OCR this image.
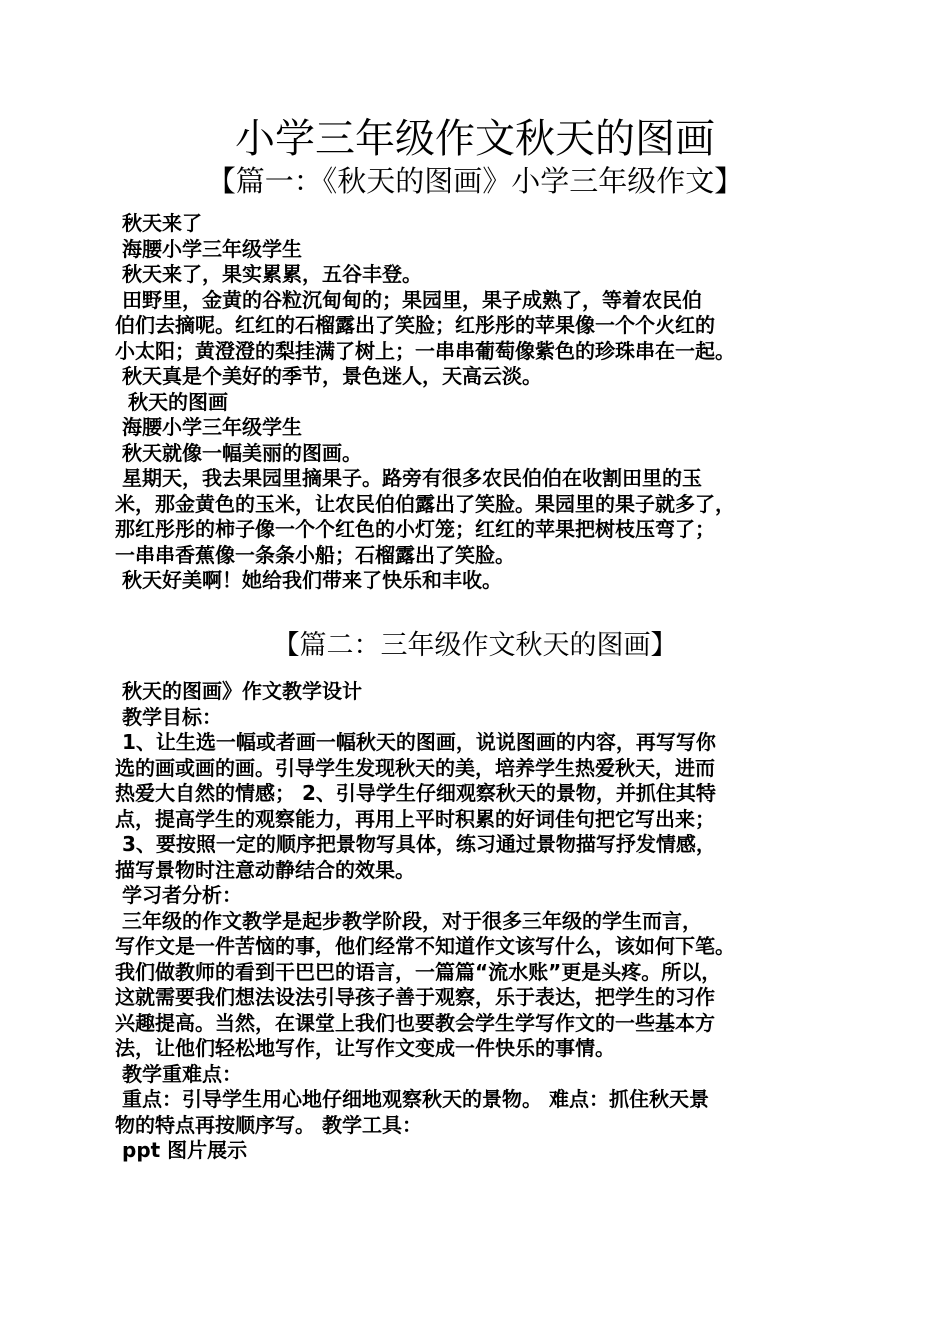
小学三年级作文秋天的图画
【篇一：《秋天的图画》小学三年级作文】
秋天来了
海腰小学三年级学生
秋天来了，果实累累，五谷丰登。
田野里，金黄的谷粒沉甸甸的；果园里，果子成熟了，等着农民伯
伯们去摘呢。红红的石榴露出了笑脸；红彤彤的苹果像一个个火红的
小太阳；黄澄澄的梨挂满了树上；一串串葡萄像紫色的珍珠串在一起。
秋天真是个美好的季节，景色迷人，天高云淡。
秋天的图画
海腰小学三年级学生
秋天就像一幅美丽的图画。
星期天，我去果园里摘果子。路旁有很多农民伯伯在收割田里的玉
米，那金黄色的玉米，让农民伯伯露出了笑脸。果园里的果子就多了，
那红彤彤的柿子像一个个红色的小灯笼；红红的苹果把树枝压弯了；
一串串香蕉像一条条小船；石榴露出了笑脸。
秋天好美啊！她给我们带来了快乐和丰收。
【篇二：三年级作文秋天的图画】
秋天的图画》作文教学设计
教学目标：
1、让生选一幅或者画一幅秋天的图画，说说图画的内容，再写写你
选的画或画的画。引导学生发现秋天的美，培养学生热爱秋天，进而
热爱大自然的情感； 2、引导学生仔细观察秋天的景物，并抓住其特
点，提高学生的观察能力，再用上平时积累的好词佳句把它写出来；
3、要按照一定的顺序把景物写具体，练习通过景物描写抒发情感，
描写景物时注意动静结合的效果。
学习者分析：
三年级的作文教学是起步教学阶段，对于很多三年级的学生而言，
写作文是一件苦恼的事，他们经常不知道作文该写什么，该如何下笔。
我们做教师的看到干巴巴的语言，一篇篇“流水账”更是头疼。所以，
这就需要我们想法设法引导孩子善于观察，乐于表达，把学生的习作
兴趣提高。当然，在课堂上我们也要教会学生学写作文的一些基本方
法，让他们轻松地写作，让写作文变成一件快乐的事情。
教学重难点：
重点：引导学生用心地仔细地观察秋天的景物。 难点：抓住秋天景
物的特点再按顺序写。 教学工具：
ppt 图片展示
